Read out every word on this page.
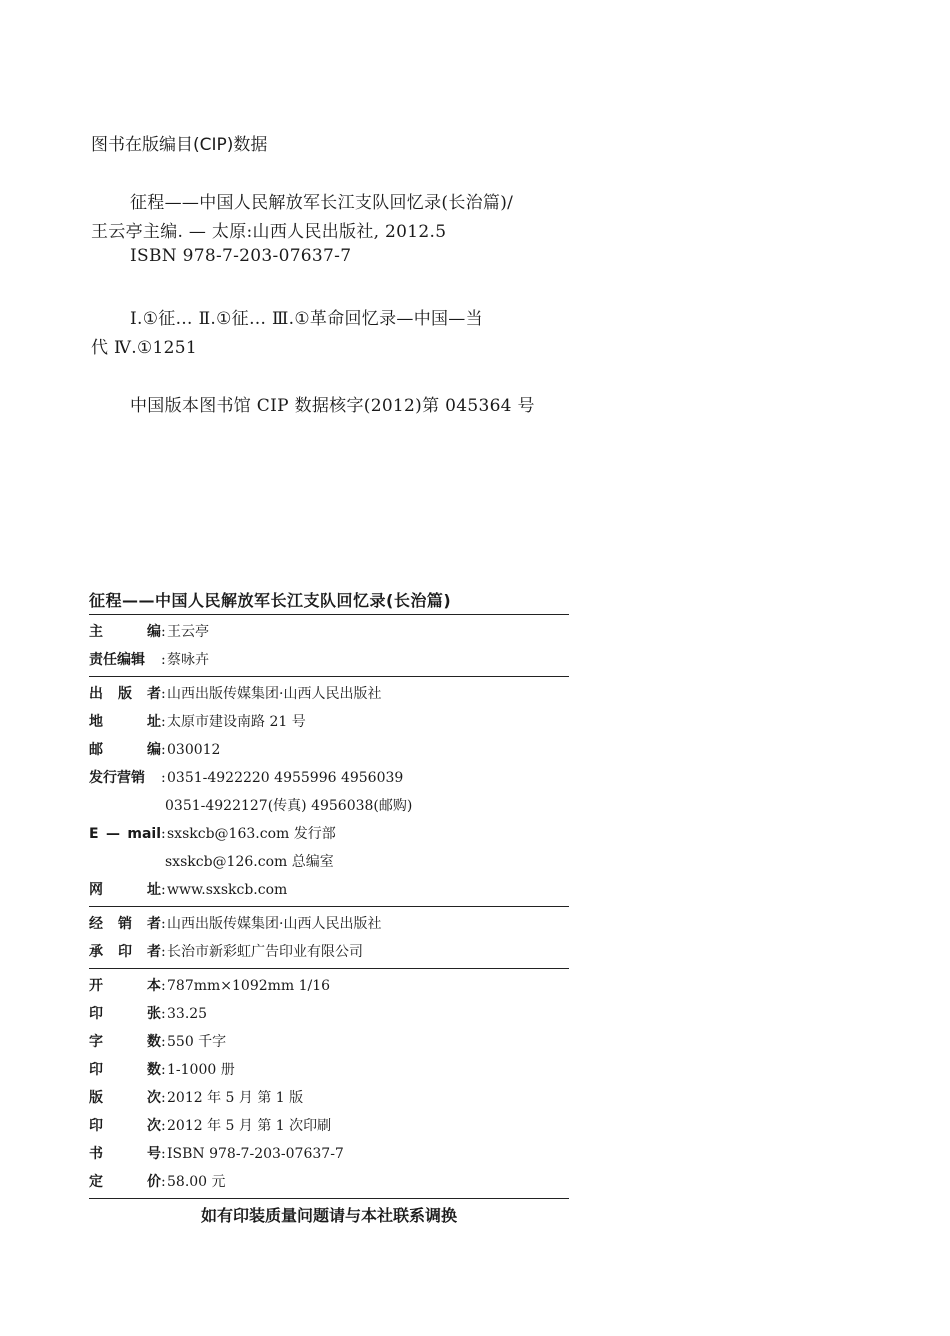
图书在版编目(CIP)数据
征程——中国人民解放军长江支队回忆录(长治篇)/
王云亭主编. — 太原:山西人民出版社, 2012.5
ISBN 978-7-203-07637-7
Ⅰ.①征… Ⅱ.①征… Ⅲ.①革命回忆录—中国—当
代 Ⅳ.①1251
中国版本图书馆 CIP 数据核字(2012)第 045364 号
征程——中国人民解放军长江支队回忆录(长治篇)
主	编 : 王云亭
责任编辑	: 蔡咏卉
出 版 者 : 山西出版传媒集团·山西人民出版社
地	址 : 太原市建设南路 21 号
邮	编 : 030012
发行营销	: 0351-4922220 4955996 4956039
0351-4922127(传真) 4956038(邮购)
E — mail : sxskcb@163.com 发行部
sxskcb@126.com 总编室
网	址 : www.sxskcb.com
经 销 者 : 山西出版传媒集团·山西人民出版社
承 印 者 : 长治市新彩虹广告印业有限公司
开	本 : 787mm×1092mm 1/16
印	张 : 33.25
字	数 : 550 千字
印	数 : 1-1000 册
版	次 : 2012 年 5 月 第 1 版
印	次 : 2012 年 5 月 第 1 次印刷
书	号 : ISBN 978-7-203-07637-7
定	价 : 58.00 元
如有印装质量问题请与本社联系调换
